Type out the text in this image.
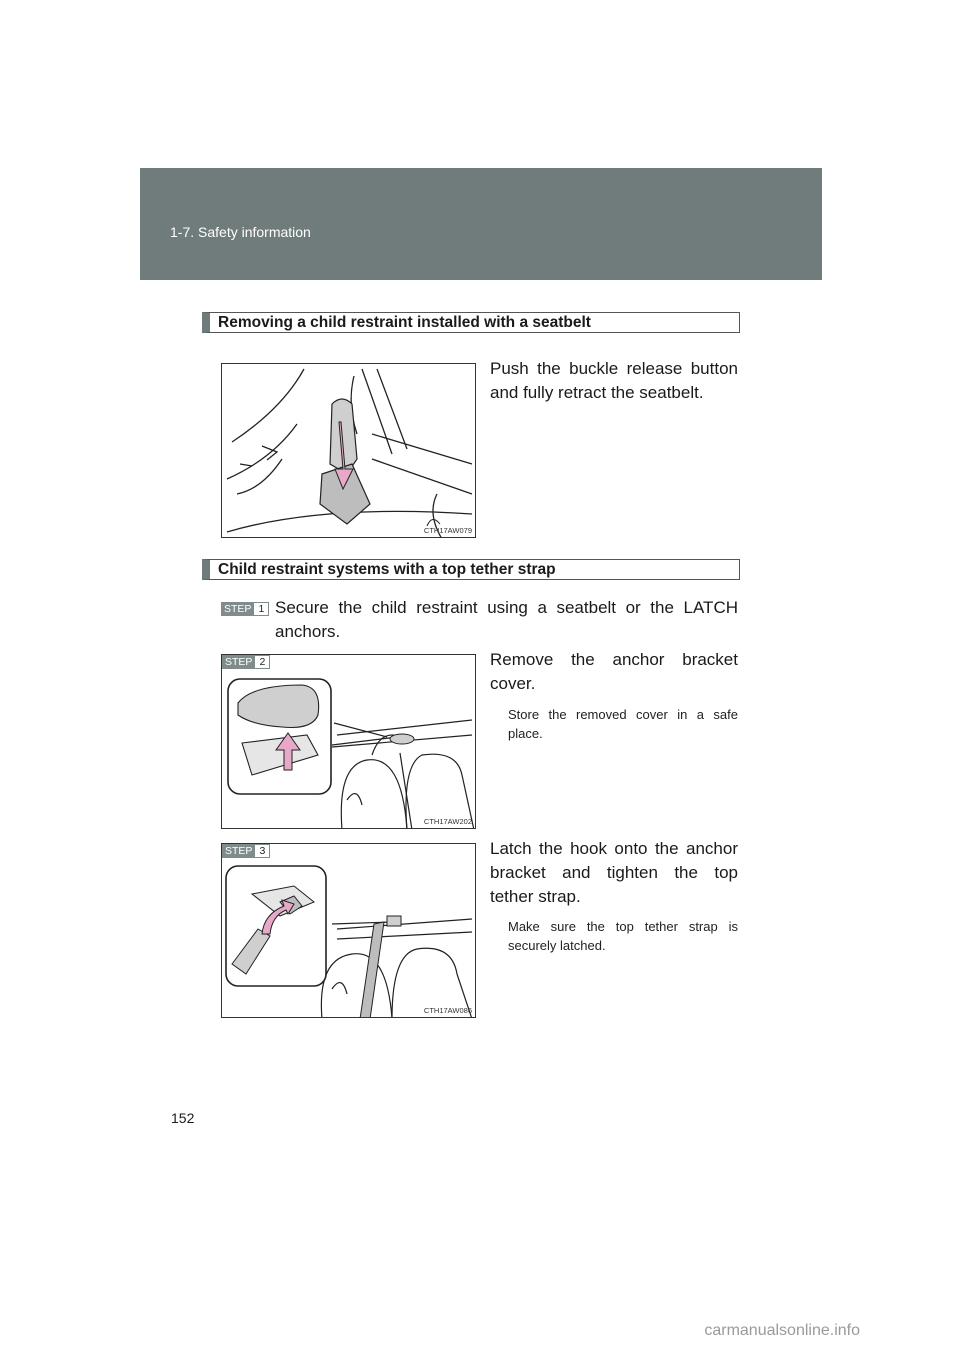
1-7. Safety information
Removing a child restraint installed with a seatbelt
CTH17AW079
Push the buckle release button and fully retract the seatbelt.
Child restraint systems with a top tether strap
STEP 1 Secure the child restraint using a seatbelt or the LATCH anchors.
STEP 2
CTH17AW202
Remove the anchor bracket cover.
Store the removed cover in a safe place.
STEP 3
CTH17AW086
Latch the hook onto the anchor bracket and tighten the top tether strap.
Make sure the top tether strap is securely latched.
152
carmanualsonline.info
